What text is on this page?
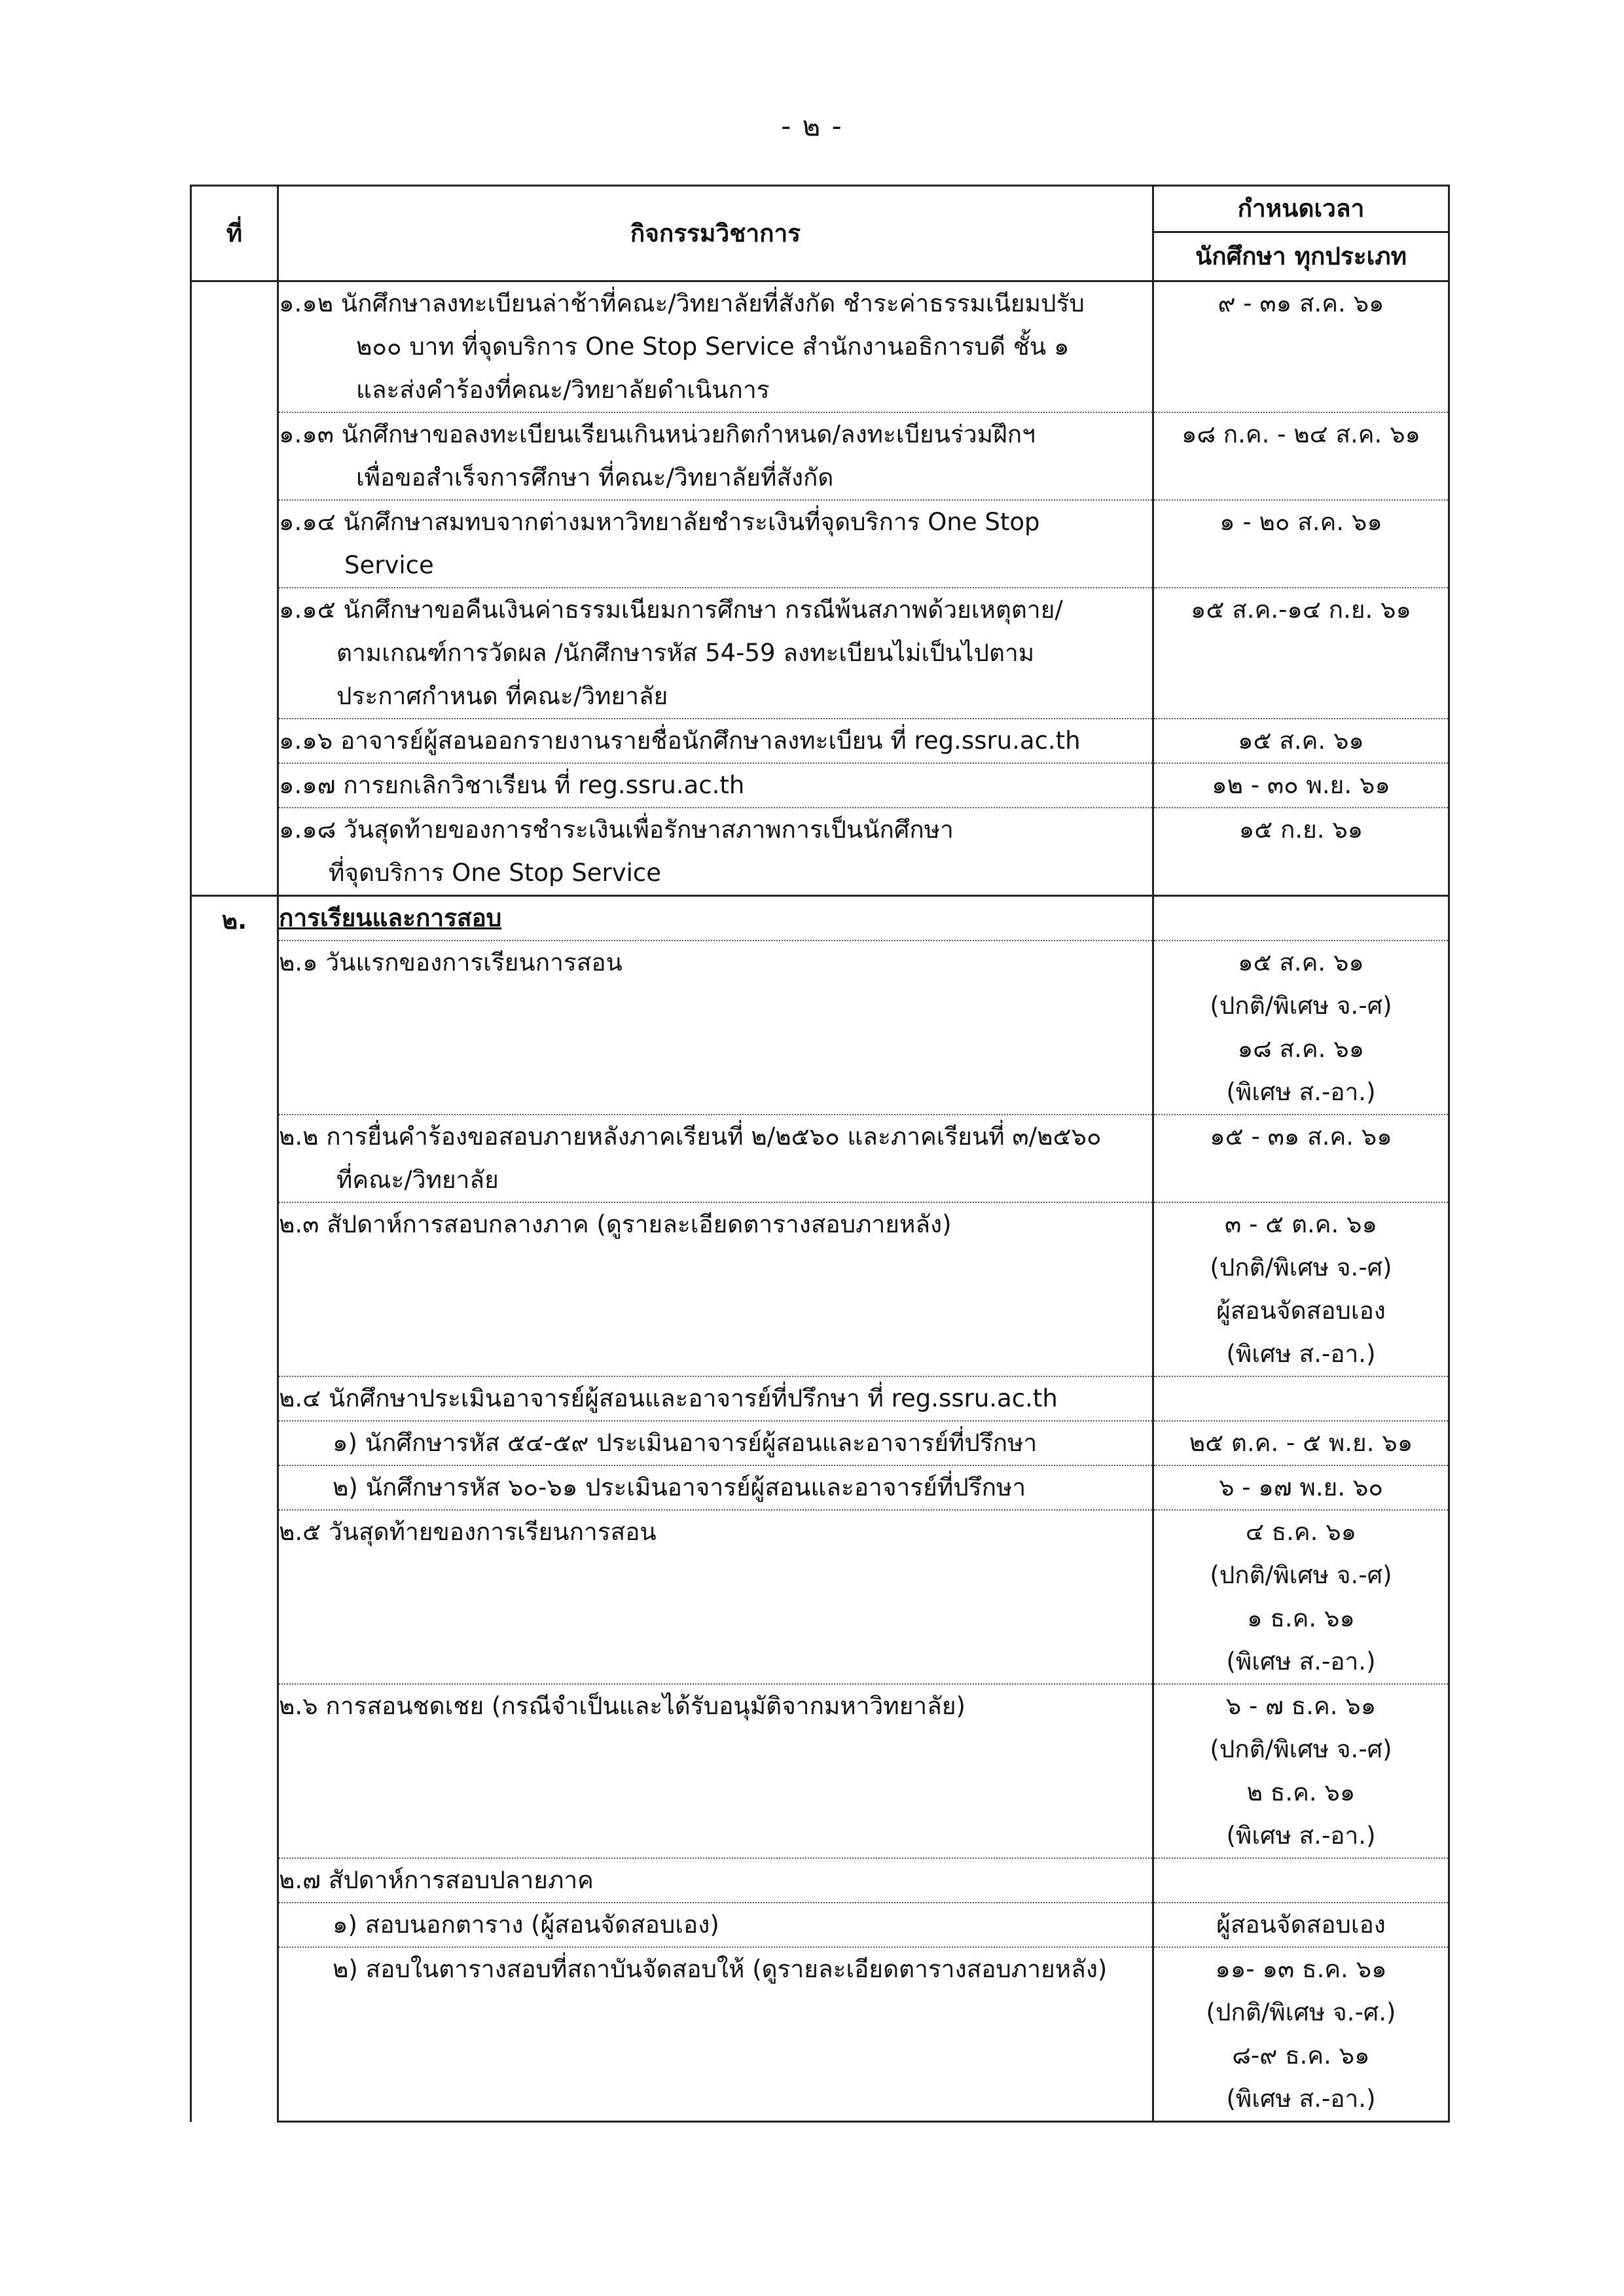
- ๒ -
ที่	กิจกรรมวิชาการ	กำหนดเวลา
		นักศึกษา ทุกประเภท

	๑.๑๒ นักศึกษาลงทะเบียนล่าช้าที่คณะ/วิทยาลัยที่สังกัด ชำระค่าธรรมเนียมปรับ
๒๐๐ บาท ที่จุดบริการ One Stop Service สำนักงานอธิการบดี ชั้น ๑
และส่งคำร้องที่คณะ/วิทยาลัยดำเนินการ	๙ - ๓๑ ส.ค. ๖๑

	๑.๑๓ นักศึกษาขอลงทะเบียนเรียนเกินหน่วยกิตกำหนด/ลงทะเบียนร่วมฝึกฯ
เพื่อขอสำเร็จการศึกษา ที่คณะ/วิทยาลัยที่สังกัด	๑๘ ก.ค. - ๒๔ ส.ค. ๖๑

	๑.๑๔ นักศึกษาสมทบจากต่างมหาวิทยาลัยชำระเงินที่จุดบริการ One Stop
Service	๑ - ๒๐ ส.ค. ๖๑

	๑.๑๕ นักศึกษาขอคืนเงินค่าธรรมเนียมการศึกษา กรณีพ้นสภาพด้วยเหตุตาย/
ตามเกณฑ์การวัดผล /นักศึกษารหัส 54-59 ลงทะเบียนไม่เป็นไปตาม
ประกาศกำหนด ที่คณะ/วิทยาลัย	๑๕ ส.ค.-๑๔ ก.ย. ๖๑

	๑.๑๖ อาจารย์ผู้สอนออกรายงานรายชื่อนักศึกษาลงทะเบียน ที่ reg.ssru.ac.th	๑๕ ส.ค. ๖๑

	๑.๑๗ การยกเลิกวิชาเรียน ที่ reg.ssru.ac.th	๑๒ - ๓๐ พ.ย. ๖๑

	๑.๑๘ วันสุดท้ายของการชำระเงินเพื่อรักษาสภาพการเป็นนักศึกษา
ที่จุดบริการ One Stop Service	๑๕ ก.ย. ๖๑

๒.	การเรียนและการสอบ	

	๒.๑ วันแรกของการเรียนการสอน	๑๕ ส.ค. ๖๑
(ปกติ/พิเศษ จ.-ศ)
๑๘ ส.ค. ๖๑
(พิเศษ ส.-อา.)

	๒.๒ การยื่นคำร้องขอสอบภายหลังภาคเรียนที่ ๒/๒๕๖๐ และภาคเรียนที่ ๓/๒๕๖๐
ที่คณะ/วิทยาลัย	๑๕ - ๓๑ ส.ค. ๖๑

	๒.๓ สัปดาห์การสอบกลางภาค (ดูรายละเอียดตารางสอบภายหลัง)	๓ - ๕ ต.ค. ๖๑
(ปกติ/พิเศษ จ.-ศ)
ผู้สอนจัดสอบเอง
(พิเศษ ส.-อา.)

	๒.๔ นักศึกษาประเมินอาจารย์ผู้สอนและอาจารย์ที่ปรึกษา ที่ reg.ssru.ac.th	

	๑) นักศึกษารหัส ๕๔-๕๙ ประเมินอาจารย์ผู้สอนและอาจารย์ที่ปรึกษา	๒๕ ต.ค. - ๕ พ.ย. ๖๑

	๒) นักศึกษารหัส ๖๐-๖๑ ประเมินอาจารย์ผู้สอนและอาจารย์ที่ปรึกษา	๖ - ๑๗ พ.ย. ๖๐

	๒.๕ วันสุดท้ายของการเรียนการสอน	๔ ธ.ค. ๖๑
(ปกติ/พิเศษ จ.-ศ)
๑ ธ.ค. ๖๑
(พิเศษ ส.-อา.)

	๒.๖ การสอนชดเชย (กรณีจำเป็นและได้รับอนุมัติจากมหาวิทยาลัย)	๖ - ๗ ธ.ค. ๖๑
(ปกติ/พิเศษ จ.-ศ)
๒ ธ.ค. ๖๑
(พิเศษ ส.-อา.)

	๒.๗ สัปดาห์การสอบปลายภาค	

	๑) สอบนอกตาราง (ผู้สอนจัดสอบเอง)	ผู้สอนจัดสอบเอง

	๒) สอบในตารางสอบที่สถาบันจัดสอบให้ (ดูรายละเอียดตารางสอบภายหลัง)	๑๑- ๑๓ ธ.ค. ๖๑
(ปกติ/พิเศษ จ.-ศ.)
๘-๙ ธ.ค. ๖๑
(พิเศษ ส.-อา.)
